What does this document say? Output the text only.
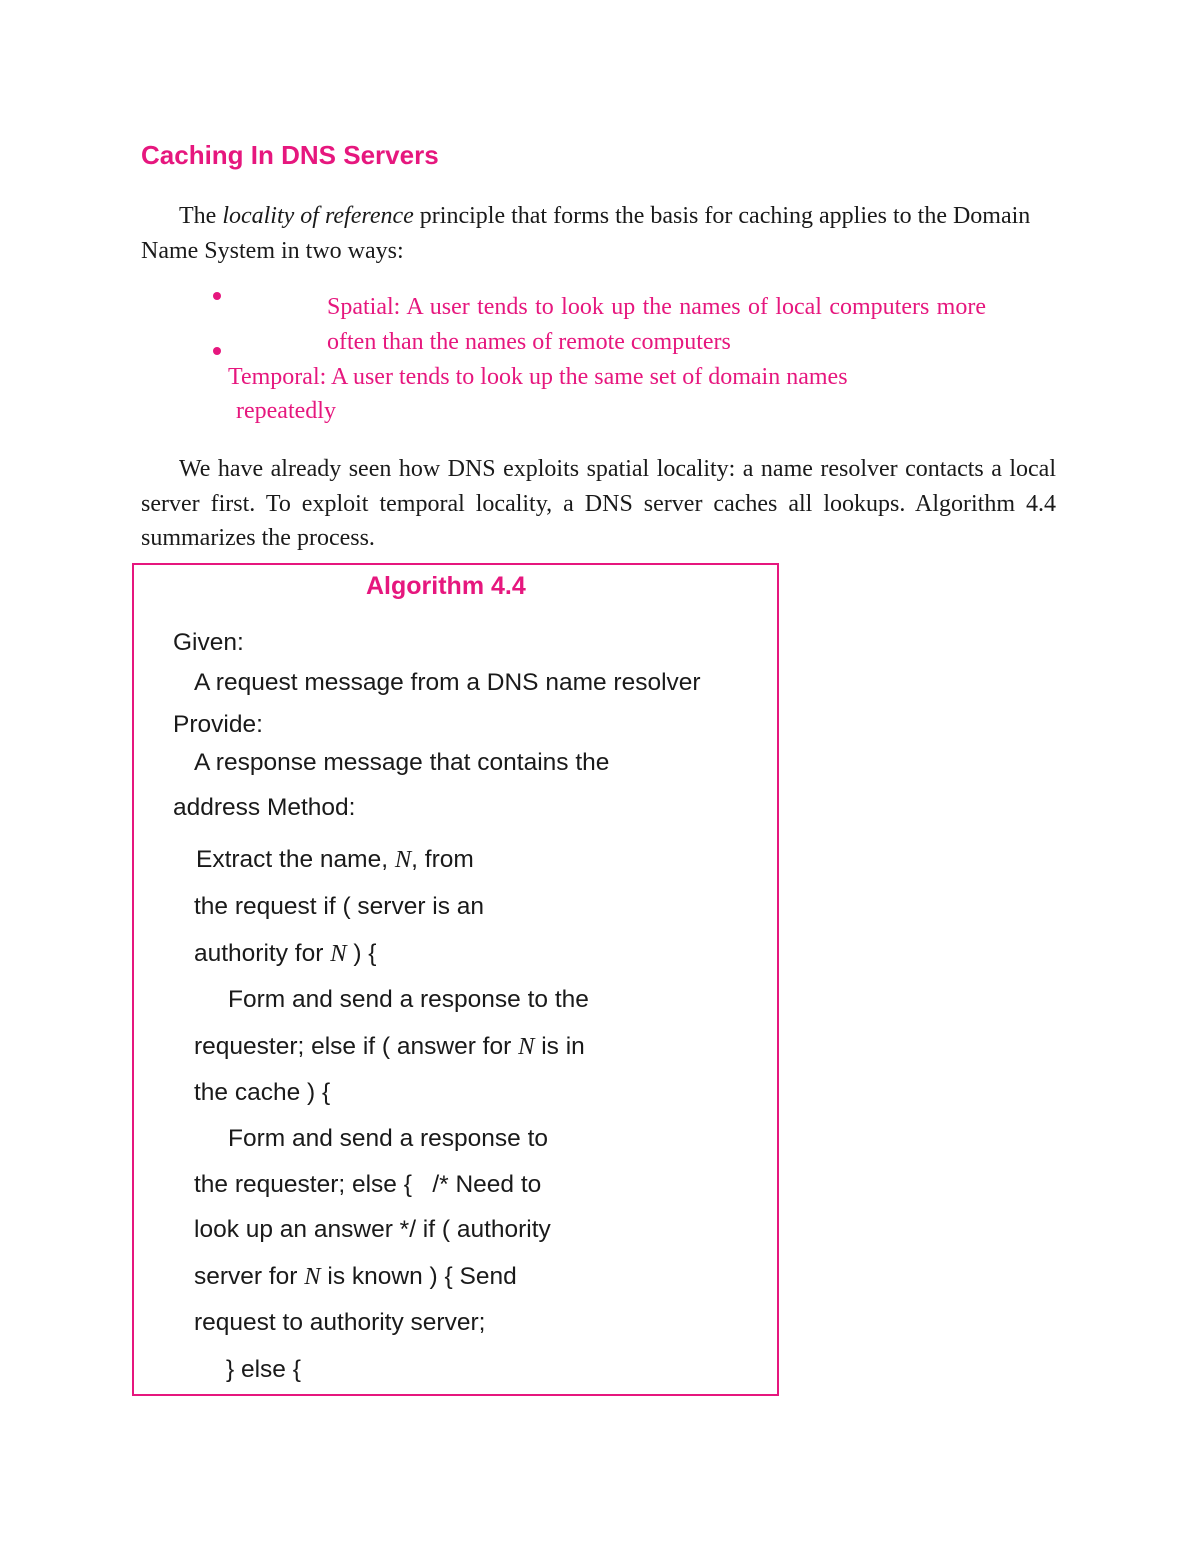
Caching In DNS Servers
The locality of reference principle that forms the basis for caching applies to the Domain Name System in two ways:
Spatial: A user tends to look up the names of local computers more often than the names of remote computers
Temporal: A user tends to look up the same set of domain names
repeatedly
We have already seen how DNS exploits spatial locality: a name resolver contacts a local server first. To exploit temporal locality, a DNS server caches all lookups. Algorithm 4.4 summarizes the process.
Algorithm 4.4
Given:
A request message from a DNS name resolver
Provide:
A response message that contains the
address Method:
Extract the name, N, from
the request if ( server is an
authority for N ) {
Form and send a response to the
requester; else if ( answer for N is in
the cache ) {
Form and send a response to
the requester; else {   /* Need to
look up an answer */ if ( authority
server for N is known ) { Send
request to authority server;
} else {
